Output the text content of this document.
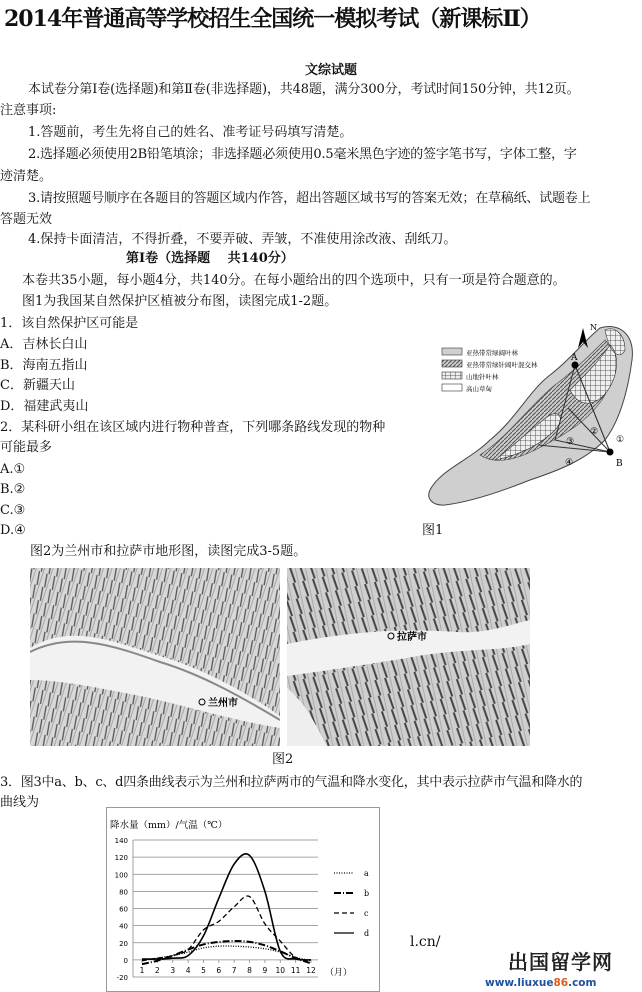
2014年普通高等学校招生全国统一模拟考试（新课标Ⅱ）
文综试题
本试卷分第Ⅰ卷(选择题)和第Ⅱ卷(非选择题)，共48题，满分300分，考试时间150分钟，共12页。
注意事项:
1.答题前，考生先将自己的姓名、准考证号码填写清楚。
2.选择题必须使用2B铅笔填涂；非选择题必须使用0.5毫米黑色字迹的签字笔书写，字体工整，字
迹清楚。
3.请按照题号顺序在各题目的答题区域内作答，超出答题区域书写的答案无效；在草稿纸、试题卷上
答题无效
4.保持卡面清洁，不得折叠，不要弄破、弄皱，不准使用涂改液、刮纸刀。
第Ⅰ卷（选择题　 共140分）
本卷共35小题，每小题4分，共140分。在每小题给出的四个选项中，只有一项是符合题意的。
图1为我国某自然保护区植被分布图，读图完成1-2题。
1．该自然保护区可能是
A．吉林长白山
B．海南五指山
C．新疆天山
D．福建武夷山
2．某科研小组在该区域内进行物种普查，下列哪条路线发现的物种
可能最多
A.①
B.②
C.③
D.④
N
A
B
①
②
③
④
亚热带常绿阔叶林
亚热带常绿针阔叶混交林
山地针叶林
高山草甸
图1
图2为兰州市和拉萨市地形图，读图完成3-5题。
兰州市
拉萨市
图2
3．图3中a、b、c、d四条曲线表示为兰州和拉萨两市的气温和降水变化，其中表示拉萨市气温和降水的
曲线为
降水量（mm）/气温（℃）
140
120
100
80
60
40
20
0
-20
1 2 3 4 5 6 7 8 9 10 11 12 （月）
a
b
c
d
l.cn/
出国留学网
www.liuxue86.com
